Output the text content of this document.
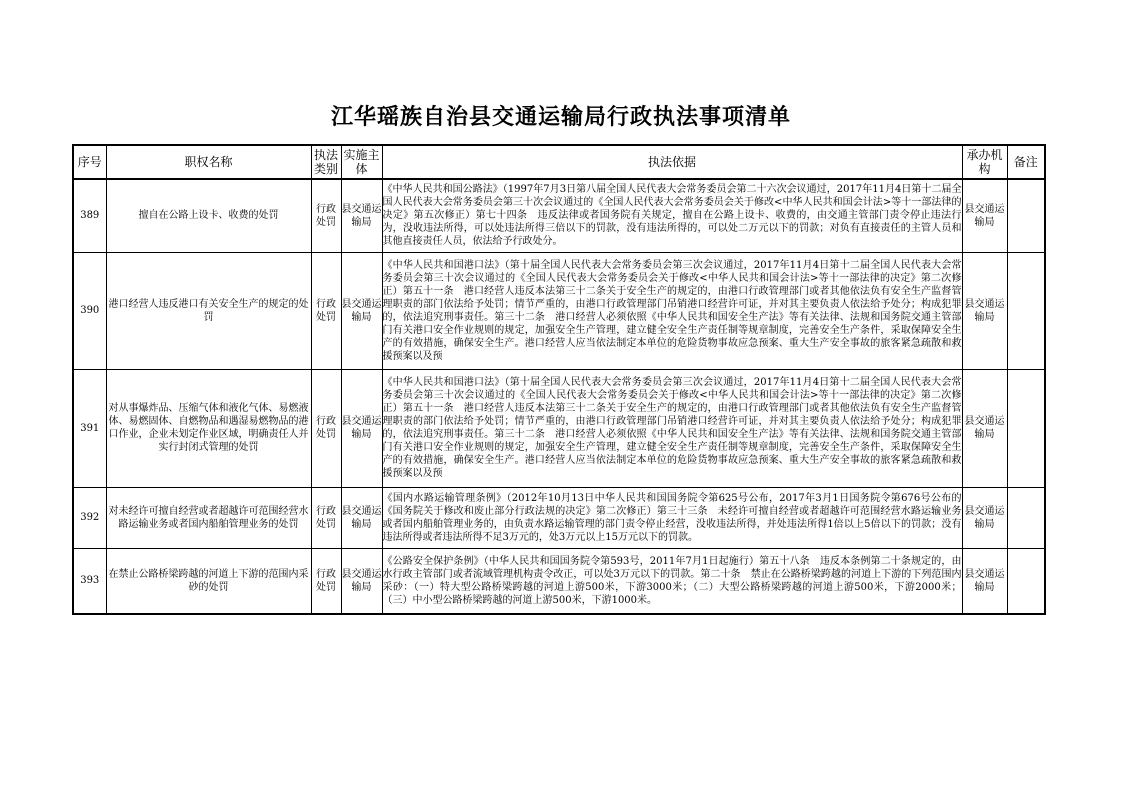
江华瑶族自治县交通运输局行政执法事项清单
序号	职权名称	执法类别	实施主体	执法依据	承办机构	备注
389	擅自在公路上设卡、收费的处罚	行政处罚	县交通运输局	《中华人民共和国公路法》（1997年7月3日第八届全国人民代表大会常务委员会第二十六次会议通过，2017年11月4日第十二届全国人民代表大会常务委员会第三十次会议通过的《全国人民代表大会常务委员会关于修改<中华人民共和国会计法>等十一部法律的决定》第五次修正）第七十四条　违反法律或者国务院有关规定，擅自在公路上设卡、收费的，由交通主管部门责令停止违法行为，没收违法所得，可以处违法所得三倍以下的罚款，没有违法所得的，可以处二万元以下的罚款；对负有直接责任的主管人员和其他直接责任人员，依法给予行政处分。	县交通运输局	
390	港口经营人违反港口有关安全生产的规定的处罚	行政处罚	县交通运输局	《中华人民共和国港口法》（第十届全国人民代表大会常务委员会第三次会议通过，2017年11月4日第十二届全国人民代表大会常务委员会第三十次会议通过的《全国人民代表大会常务委员会关于修改<中华人民共和国会计法>等十一部法律的决定》第二次修正）第五十一条　港口经营人违反本法第三十二条关于安全生产的规定的，由港口行政管理部门或者其他依法负有安全生产监督管理职责的部门依法给予处罚；情节严重的，由港口行政管理部门吊销港口经营许可证，并对其主要负责人依法给予处分；构成犯罪的，依法追究刑事责任。第三十二条　港口经营人必须依照《中华人民共和国安全生产法》等有关法律、法规和国务院交通主管部门有关港口安全作业规则的规定，加强安全生产管理，建立健全安全生产责任制等规章制度，完善安全生产条件，采取保障安全生产的有效措施，确保安全生产。港口经营人应当依法制定本单位的危险货物事故应急预案、重大生产安全事故的旅客紧急疏散和救援预案以及预	县交通运输局	
391	对从事爆炸品、压缩气体和液化气体、易燃液体、易燃固体、自燃物品和遇湿易燃物品的港口作业，企业未划定作业区域，明确责任人并实行封闭式管理的处罚	行政处罚	县交通运输局	《中华人民共和国港口法》（第十届全国人民代表大会常务委员会第三次会议通过，2017年11月4日第十二届全国人民代表大会常务委员会第三十次会议通过的《全国人民代表大会常务委员会关于修改<中华人民共和国会计法>等十一部法律的决定》第二次修正）第五十一条　港口经营人违反本法第三十二条关于安全生产的规定的，由港口行政管理部门或者其他依法负有安全生产监督管理职责的部门依法给予处罚；情节严重的，由港口行政管理部门吊销港口经营许可证，并对其主要负责人依法给予处分；构成犯罪的，依法追究刑事责任。第三十二条　港口经营人必须依照《中华人民共和国安全生产法》等有关法律、法规和国务院交通主管部门有关港口安全作业规则的规定，加强安全生产管理，建立健全安全生产责任制等规章制度，完善安全生产条件，采取保障安全生产的有效措施，确保安全生产。港口经营人应当依法制定本单位的危险货物事故应急预案、重大生产安全事故的旅客紧急疏散和救援预案以及预	县交通运输局	
392	对未经许可擅自经营或者超越许可范围经营水路运输业务或者国内船舶管理业务的处罚	行政处罚	县交通运输局	《国内水路运输管理条例》（2012年10月13日中华人民共和国国务院令第625号公布，2017年3月1日国务院令第676号公布的《国务院关于修改和废止部分行政法规的决定》第二次修正）第三十三条　未经许可擅自经营或者超越许可范围经营水路运输业务或者国内船舶管理业务的，由负责水路运输管理的部门责令停止经营，没收违法所得，并处违法所得1倍以上5倍以下的罚款；没有违法所得或者违法所得不足3万元的，处3万元以上15万元以下的罚款。	县交通运输局	
393	在禁止公路桥梁跨越的河道上下游的范围内采砂的处罚	行政处罚	县交通运输局	《公路安全保护条例》（中华人民共和国国务院令第593号，2011年7月1日起施行）第五十八条　违反本条例第二十条规定的，由水行政主管部门或者流域管理机构责令改正，可以处3万元以下的罚款。第二十条　禁止在公路桥梁跨越的河道上下游的下列范围内采砂：（一）特大型公路桥梁跨越的河道上游500米，下游3000米；（二）大型公路桥梁跨越的河道上游500米，下游2000米；（三）中小型公路桥梁跨越的河道上游500米，下游1000米。	县交通运输局	
